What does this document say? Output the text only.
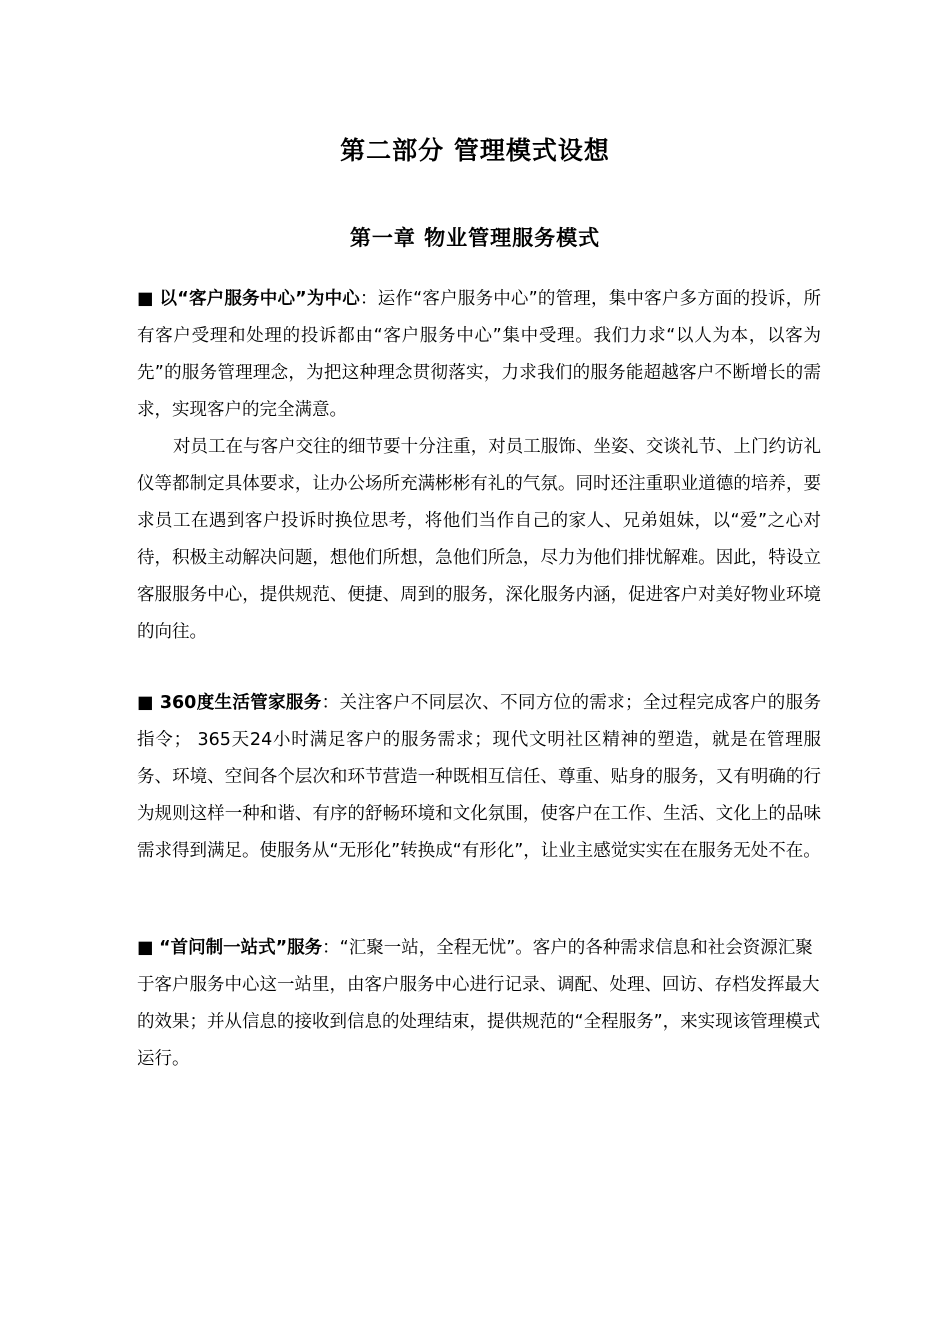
第二部分 管理模式设想
第一章 物业管理服务模式

■ 以“客户服务中心”为中心：运作“客户服务中心”的管理，集中客户多方面的投诉，所有客户受理和处理的投诉都由“客户服务中心”集中受理。我们力求“以人为本，以客为先”的服务管理理念，为把这种理念贯彻落实，力求我们的服务能超越客户不断增长的需求，实现客户的完全满意。

对员工在与客户交往的细节要十分注重，对员工服饰、坐姿、交谈礼节、上门约访礼仪等都制定具体要求，让办公场所充满彬彬有礼的气氛。同时还注重职业道德的培养，要求员工在遇到客户投诉时换位思考，将他们当作自己的家人、兄弟姐妹，以“爱”之心对待，积极主动解决问题，想他们所想，急他们所急，尽力为他们排忧解难。因此，特设立客服服务中心，提供规范、便捷、周到的服务，深化服务内涵，促进客户对美好物业环境的向往。

■ 360度生活管家服务：关注客户不同层次、不同方位的需求；全过程完成客户的服务指令； 365天24小时满足客户的服务需求；现代文明社区精神的塑造，就是在管理服务、环境、空间各个层次和环节营造一种既相互信任、尊重、贴身的服务，又有明确的行为规则这样一种和谐、有序的舒畅环境和文化氛围，使客户在工作、生活、文化上的品味需求得到满足。使服务从“无形化”转换成“有形化”，让业主感觉实实在在服务无处不在。

■ “首问制一站式”服务：“汇聚一站，全程无忧”。客户的各种需求信息和社会资源汇聚于客户服务中心这一站里，由客户服务中心进行记录、调配、处理、回访、存档发挥最大的效果；并从信息的接收到信息的处理结束，提供规范的“全程服务”，来实现该管理模式运行。
